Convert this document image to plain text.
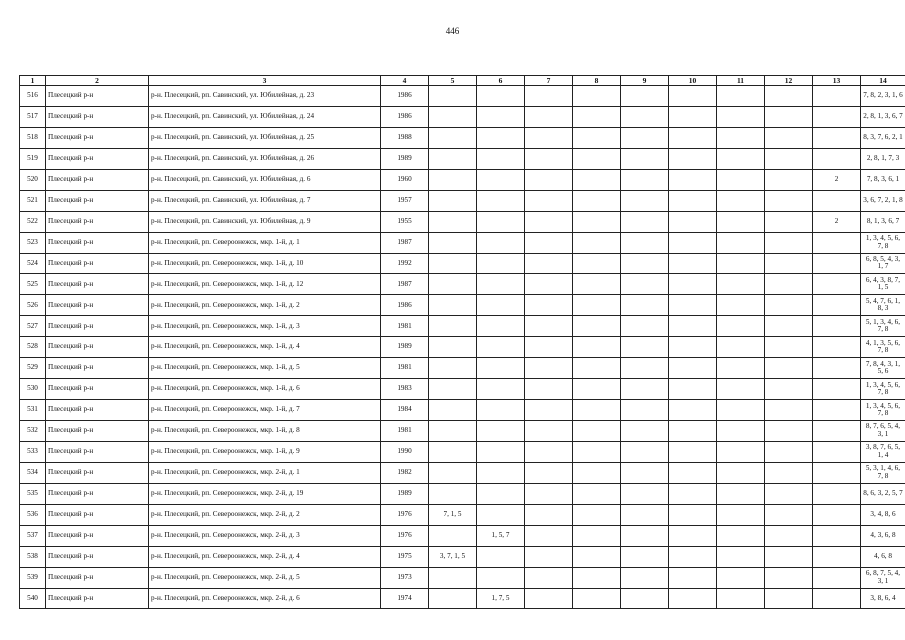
446
1	2	3	4	5	6	7	8	9	10	11	12	13	14
516	Плесецкий р-н	р-н. Плесецкий, рп. Савинский, ул. Юбилейная, д. 23	1986										7, 8, 2, 3, 1, 6
517	Плесецкий р-н	р-н. Плесецкий, рп. Савинский, ул. Юбилейная, д. 24	1986										2, 8, 1, 3, 6, 7
518	Плесецкий р-н	р-н. Плесецкий, рп. Савинский, ул. Юбилейная, д. 25	1988										8, 3, 7, 6, 2, 1
519	Плесецкий р-н	р-н. Плесецкий, рп. Савинский, ул. Юбилейная, д. 26	1989										2, 8, 1, 7, 3
520	Плесецкий р-н	р-н. Плесецкий, рп. Савинский, ул. Юбилейная, д. 6	1960									2	7, 8, 3, 6, 1
521	Плесецкий р-н	р-н. Плесецкий, рп. Савинский, ул. Юбилейная, д. 7	1957										3, 6, 7, 2, 1, 8
522	Плесецкий р-н	р-н. Плесецкий, рп. Савинский, ул. Юбилейная, д. 9	1955									2	8, 1, 3, 6, 7
523	Плесецкий р-н	р-н. Плесецкий, рп. Североонежск, мкр. 1-й, д. 1	1987										1, 3, 4, 5, 6, 7, 8
524	Плесецкий р-н	р-н. Плесецкий, рп. Североонежск, мкр. 1-й, д. 10	1992										6, 8, 5, 4, 3, 1, 7
525	Плесецкий р-н	р-н. Плесецкий, рп. Североонежск, мкр. 1-й, д. 12	1987										6, 4, 3, 8, 7, 1, 5
526	Плесецкий р-н	р-н. Плесецкий, рп. Североонежск, мкр. 1-й, д. 2	1986										5, 4, 7, 6, 1, 8, 3
527	Плесецкий р-н	р-н. Плесецкий, рп. Североонежск, мкр. 1-й, д. 3	1981										5, 1, 3, 4, 6, 7, 8
528	Плесецкий р-н	р-н. Плесецкий, рп. Североонежск, мкр. 1-й, д. 4	1989										4, 1, 3, 5, 6, 7, 8
529	Плесецкий р-н	р-н. Плесецкий, рп. Североонежск, мкр. 1-й, д. 5	1981										7, 8, 4, 3, 1, 5, 6
530	Плесецкий р-н	р-н. Плесецкий, рп. Североонежск, мкр. 1-й, д. 6	1983										1, 3, 4, 5, 6, 7, 8
531	Плесецкий р-н	р-н. Плесецкий, рп. Североонежск, мкр. 1-й, д. 7	1984										1, 3, 4, 5, 6, 7, 8
532	Плесецкий р-н	р-н. Плесецкий, рп. Североонежск, мкр. 1-й, д. 8	1981										8, 7, 6, 5, 4, 3, 1
533	Плесецкий р-н	р-н. Плесецкий, рп. Североонежск, мкр. 1-й, д. 9	1990										3, 8, 7, 6, 5, 1, 4
534	Плесецкий р-н	р-н. Плесецкий, рп. Североонежск, мкр. 2-й, д. 1	1982										5, 3, 1, 4, 6, 7, 8
535	Плесецкий р-н	р-н. Плесецкий, рп. Североонежск, мкр. 2-й, д. 19	1989										8, 6, 3, 2, 5, 7
536	Плесецкий р-н	р-н. Плесецкий, рп. Североонежск, мкр. 2-й, д. 2	1976	7, 1, 5									3, 4, 8, 6
537	Плесецкий р-н	р-н. Плесецкий, рп. Североонежск, мкр. 2-й, д. 3	1976		1, 5, 7								4, 3, 6, 8
538	Плесецкий р-н	р-н. Плесецкий, рп. Североонежск, мкр. 2-й, д. 4	1975	3, 7, 1, 5									4, 6, 8
539	Плесецкий р-н	р-н. Плесецкий, рп. Североонежск, мкр. 2-й, д. 5	1973										6, 8, 7, 5, 4, 3, 1
540	Плесецкий р-н	р-н. Плесецкий, рп. Североонежск, мкр. 2-й, д. 6	1974		1, 7, 5								3, 8, 6, 4
